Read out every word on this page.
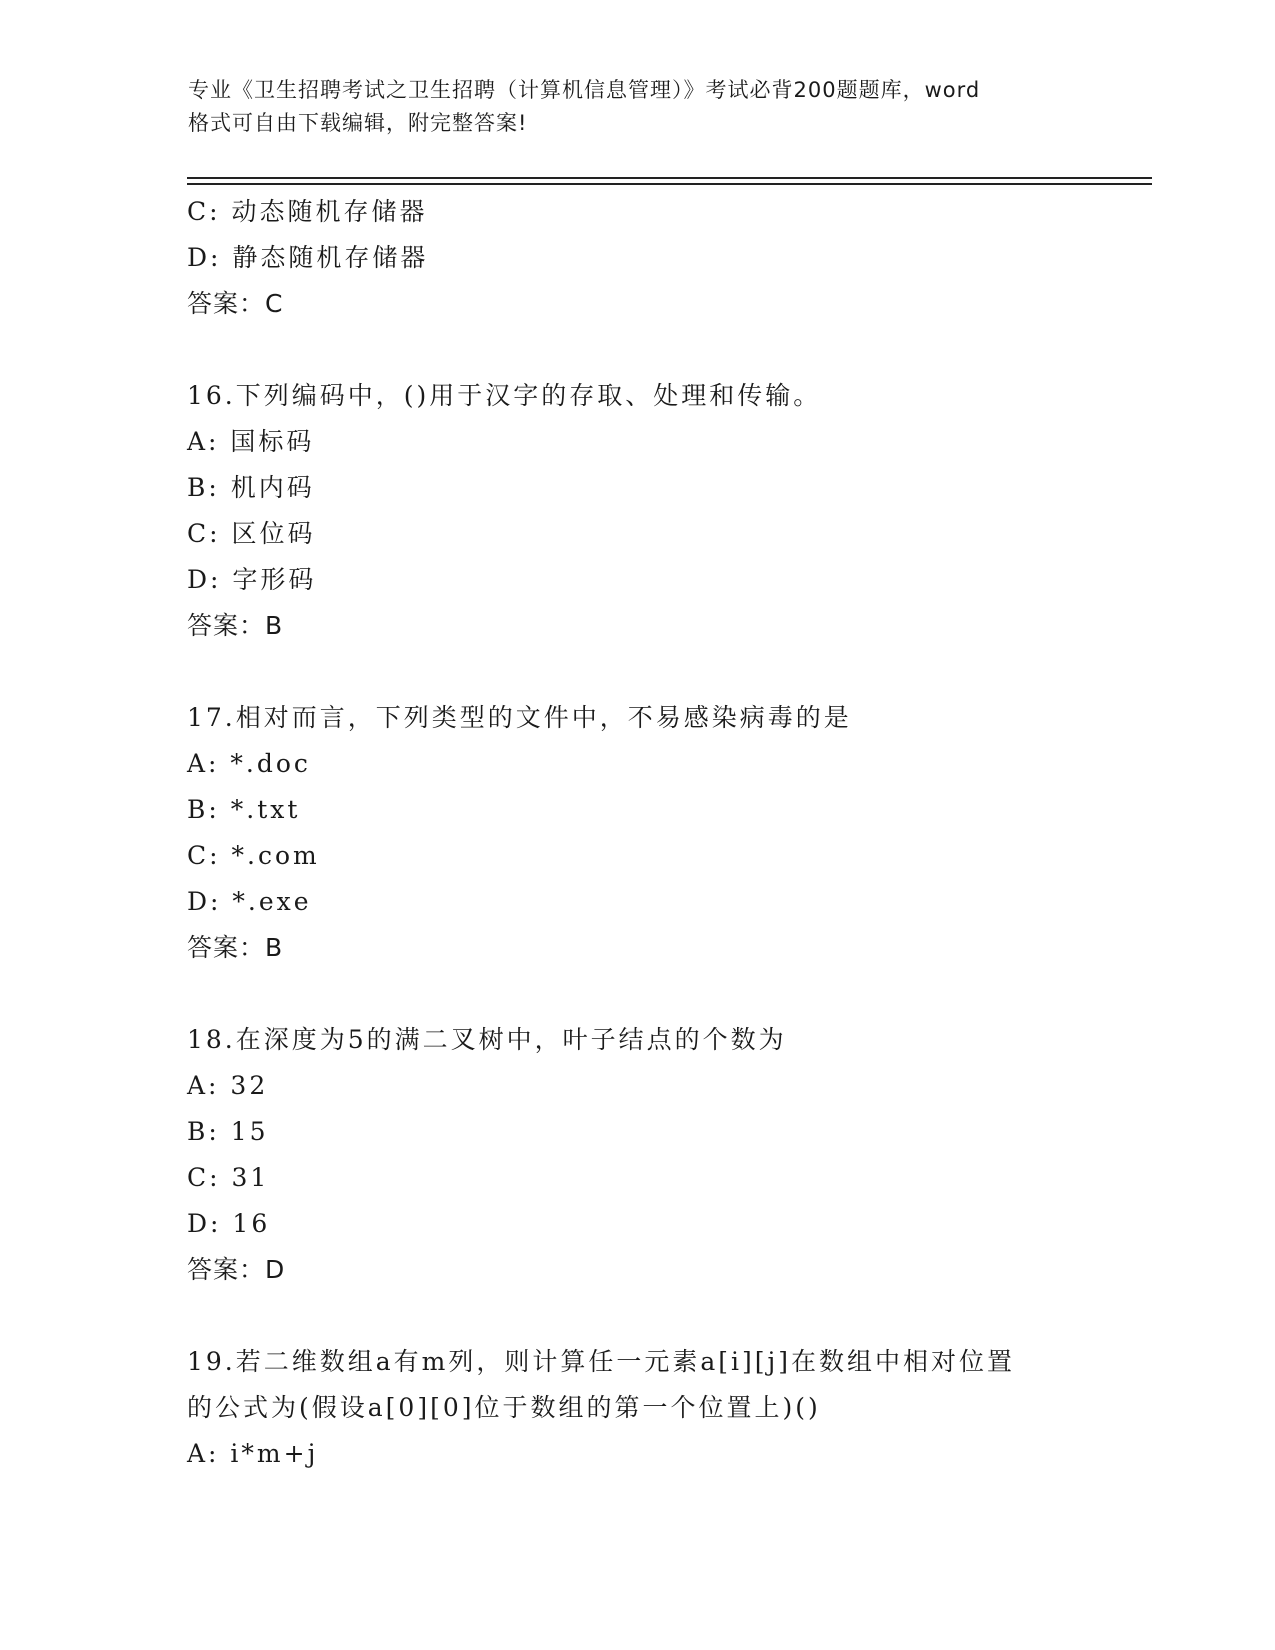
专业《卫生招聘考试之卫生招聘（计算机信息管理）》考试必背200题题库，word
格式可自由下载编辑，附完整答案!
C: 动态随机存储器
D: 静态随机存储器
答案：C
16.下列编码中，()用于汉字的存取、处理和传输。
A: 国标码
B: 机内码
C: 区位码
D: 字形码
答案：B
17.相对而言，下列类型的文件中，不易感染病毒的是
A: *.doc
B: *.txt
C: *.com
D: *.exe
答案：B
18.在深度为5的满二叉树中，叶子结点的个数为
A: 32
B: 15
C: 31
D: 16
答案：D
19.若二维数组a有m列，则计算任一元素a[i][j]在数组中相对位置
的公式为(假设a[0][0]位于数组的第一个位置上)()
A: i*m+j
